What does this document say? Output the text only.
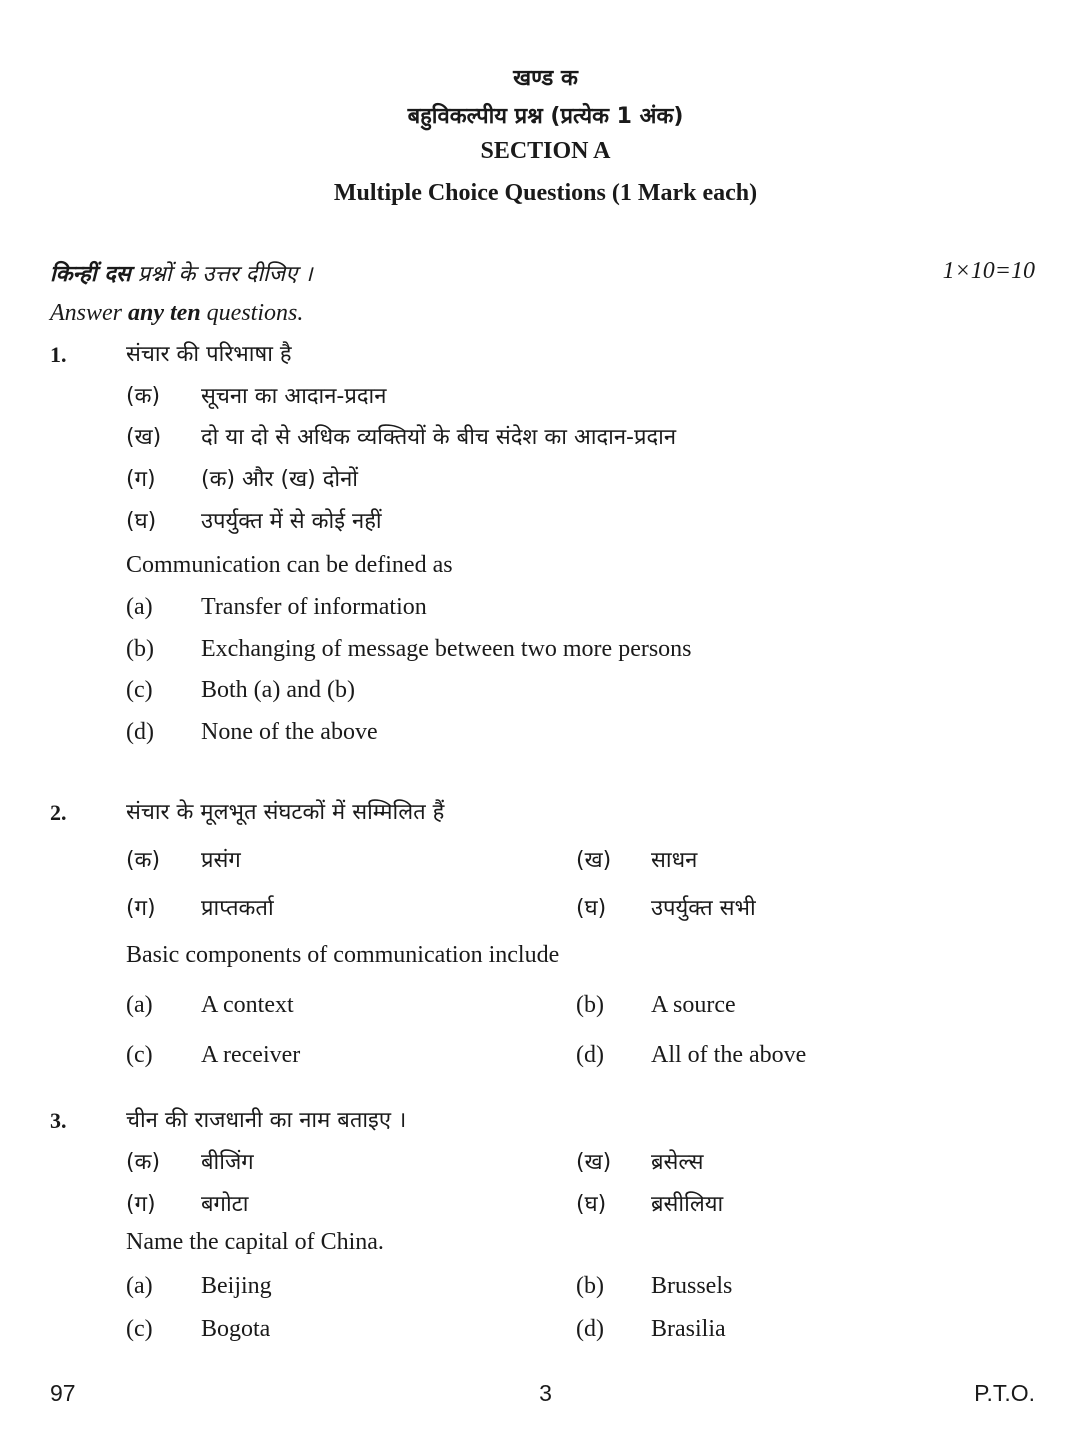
खण्ड क
बहुविकल्पीय प्रश्न (प्रत्येक 1 अंक)
SECTION A
Multiple Choice Questions (1 Mark each)
किन्हीं दस प्रश्नों के उत्तर दीजिए ।	1×10=10
Answer any ten questions.
1.	संचार की परिभाषा है
(क) सूचना का आदान-प्रदान
(ख) दो या दो से अधिक व्यक्तियों के बीच संदेश का आदान-प्रदान
(ग) (क) और (ख) दोनों
(घ) उपर्युक्त में से कोई नहीं
Communication can be defined as
(a) Transfer of information
(b) Exchanging of message between two more persons
(c) Both (a) and (b)
(d) None of the above
2.	संचार के मूलभूत संघटकों में सम्मिलित हैं
(क) प्रसंग	(ख) साधन
(ग) प्राप्तकर्ता	(घ) उपर्युक्त सभी
Basic components of communication include
(a) A context	(b) A source
(c) A receiver	(d) All of the above
3.	चीन की राजधानी का नाम बताइए ।
(क) बीजिंग	(ख) ब्रसेल्स
(ग) बगोटा	(घ) ब्रसीलिया
Name the capital of China.
(a) Beijing	(b) Brussels
(c) Bogota	(d) Brasilia
97	3	P.T.O.
